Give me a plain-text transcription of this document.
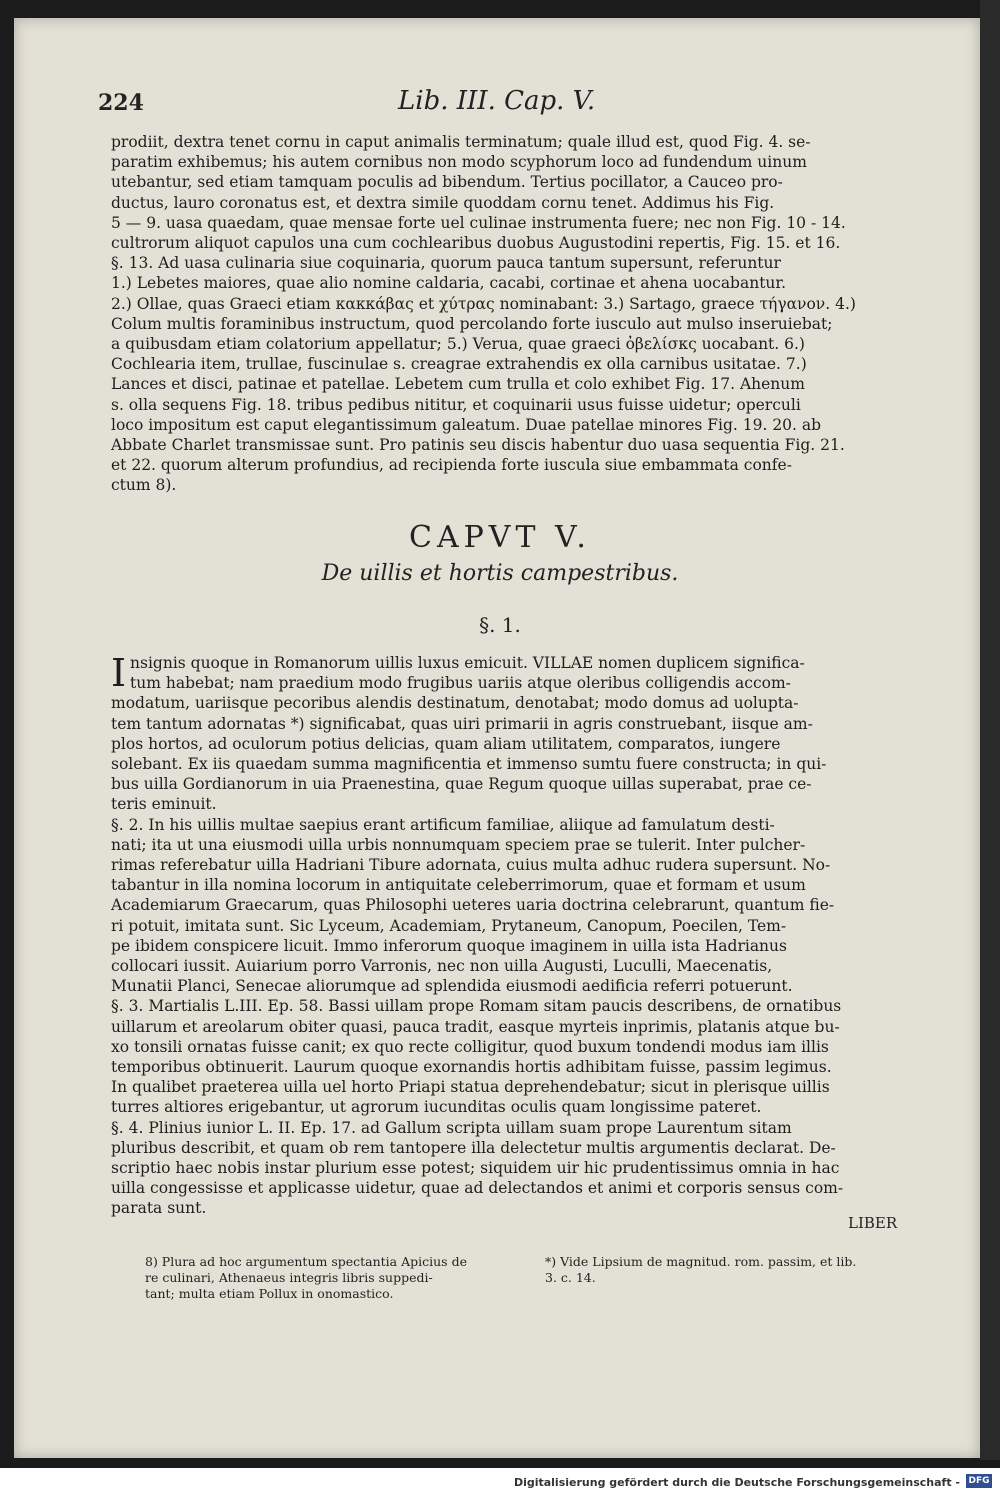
224	Lib. III. Cap. V.
prodiit, dextra tenet cornu in caput animalis terminatum; quale illud est, quod Fig. 4. se-
paratim exhibemus; his autem cornibus non modo scyphorum loco ad fundendum uinum
utebantur, sed etiam tamquam poculis ad bibendum. Tertius pocillator, a Cauceo pro-
ductus, lauro coronatus est, et dextra simile quoddam cornu tenet. Addimus his Fig.
5 — 9. uasa quaedam, quae mensae forte uel culinae instrumenta fuere; nec non Fig. 10 - 14.
cultrorum aliquot capulos una cum cochlearibus duobus Augustodini repertis, Fig. 15. et 16.
§. 13. Ad uasa culinaria siue coquinaria, quorum pauca tantum supersunt, referuntur
1.) Lebetes maiores, quae alio nomine caldaria, cacabi, cortinae et ahena uocabantur.
2.) Ollae, quas Graeci etiam κακκάβας et χύτρας nominabant: 3.) Sartago, graece τήγανον. 4.)
Colum multis foraminibus instructum, quod percolando forte iusculo aut mulso inseruiebat;
a quibusdam etiam colatorium appellatur; 5.) Verua, quae graeci ὀβελίσκς uocabant. 6.)
Cochlearia item, trullae, fuscinulae s. creagrae extrahendis ex olla carnibus usitatae. 7.)
Lances et disci, patinae et patellae. Lebetem cum trulla et colo exhibet Fig. 17. Ahenum
s. olla sequens Fig. 18. tribus pedibus nititur, et coquinarii usus fuisse uidetur; operculi
loco impositum est caput elegantissimum galeatum. Duae patellae minores Fig. 19. 20. ab
Abbate Charlet transmissae sunt. Pro patinis seu discis habentur duo uasa sequentia Fig. 21.
et 22. quorum alterum profundius, ad recipienda forte iuscula siue embammata confe-
ctum 8).
CAPVT V.
De uillis et hortis campestribus.
§. 1.
I nsignis quoque in Romanorum uillis luxus emicuit. VILLAE nomen duplicem significa-
tum habebat; nam praedium modo frugibus uariis atque oleribus colligendis accom-
modatum, uariisque pecoribus alendis destinatum, denotabat; modo domus ad uolupta-
tem tantum adornatas *) significabat, quas uiri primarii in agris construebant, iisque am-
plos hortos, ad oculorum potius delicias, quam aliam utilitatem, comparatos, iungere
solebant. Ex iis quaedam summa magnificentia et immenso sumtu fuere constructa; in qui-
bus uilla Gordianorum in uia Praenestina, quae Regum quoque uillas superabat, prae ce-
teris eminuit.
§. 2. In his uillis multae saepius erant artificum familiae, aliique ad famulatum desti-
nati; ita ut una eiusmodi uilla urbis nonnumquam speciem prae se tulerit. Inter pulcher-
rimas referebatur uilla Hadriani Tibure adornata, cuius multa adhuc rudera supersunt. No-
tabantur in illa nomina locorum in antiquitate celeberrimorum, quae et formam et usum
Academiarum Graecarum, quas Philosophi ueteres uaria doctrina celebrarunt, quantum fie-
ri potuit, imitata sunt. Sic Lyceum, Academiam, Prytaneum, Canopum, Poecilen, Tem-
pe ibidem conspicere licuit. Immo inferorum quoque imaginem in uilla ista Hadrianus
collocari iussit. Auiarium porro Varronis, nec non uilla Augusti, Luculli, Maecenatis,
Munatii Planci, Senecae aliorumque ad splendida eiusmodi aedificia referri potuerunt.
§. 3. Martialis L.III. Ep. 58. Bassi uillam prope Romam sitam paucis describens, de ornatibus
uillarum et areolarum obiter quasi, pauca tradit, easque myrteis inprimis, platanis atque bu-
xo tonsili ornatas fuisse canit; ex quo recte colligitur, quod buxum tondendi modus iam illis
temporibus obtinuerit. Laurum quoque exornandis hortis adhibitam fuisse, passim legimus.
In qualibet praeterea uilla uel horto Priapi statua deprehendebatur; sicut in plerisque uillis
turres altiores erigebantur, ut agrorum iucunditas oculis quam longissime pateret.
§. 4. Plinius iunior L. II. Ep. 17. ad Gallum scripta uillam suam prope Laurentum sitam
pluribus describit, et quam ob rem tantopere illa delectetur multis argumentis declarat. De-
scriptio haec nobis instar plurium esse potest; siquidem uir hic prudentissimus omnia in hac
uilla congessisse et applicasse uidetur, quae ad delectandos et animi et corporis sensus com-
parata sunt.
LIBER
8) Plura ad hoc argumentum spectantia Apicius de
re culinari, Athenaeus integris libris suppedi-
tant; multa etiam Pollux in onomastico.
*) Vide Lipsium de magnitud. rom. passim, et lib.
3. c. 14.
Digitalisierung gefördert durch die Deutsche Forschungsgemeinschaft - DFG
